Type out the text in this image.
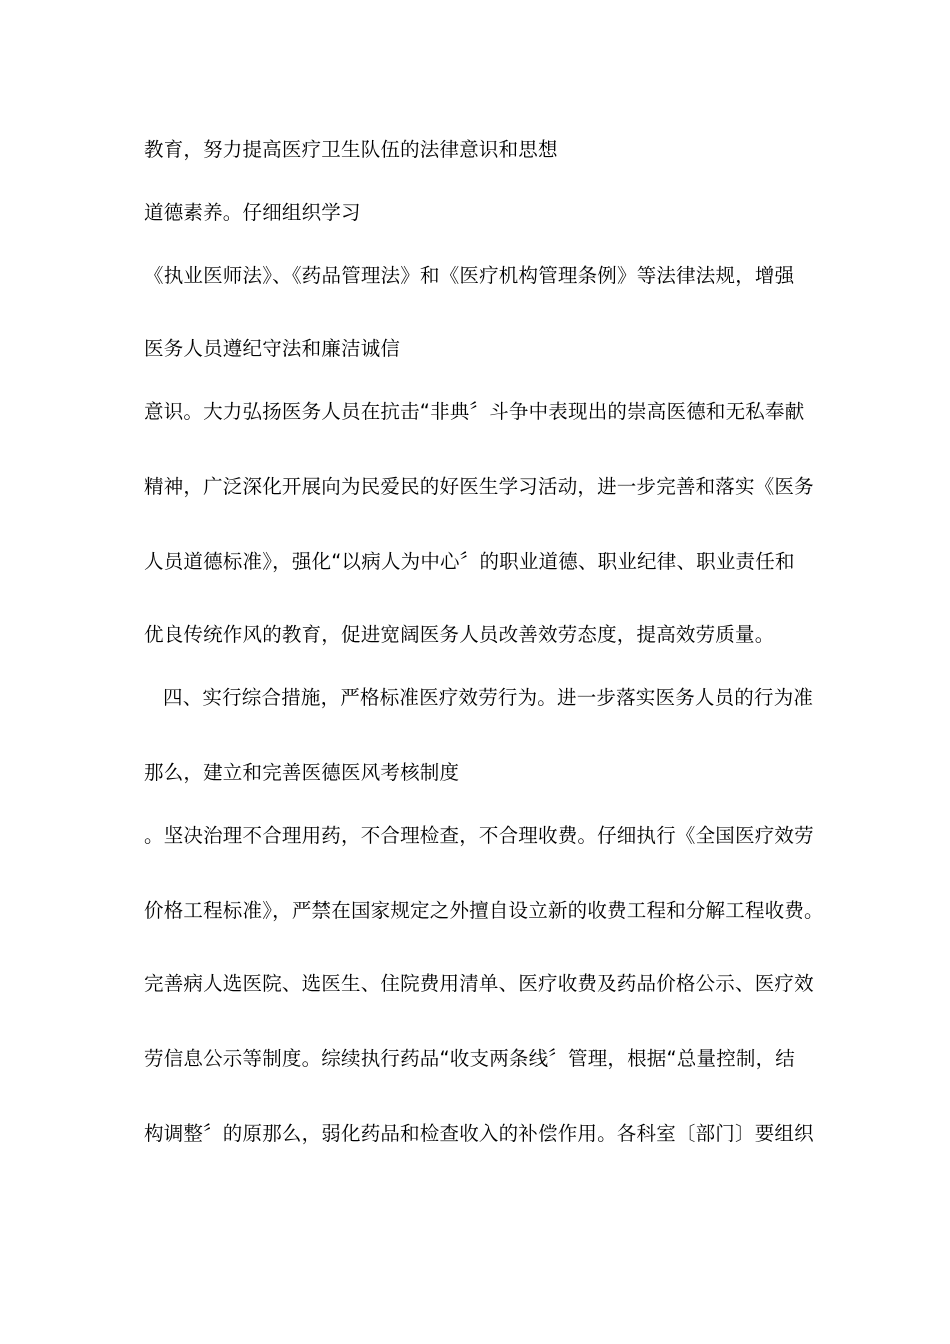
教育，努力提高医疗卫生队伍的法律意识和思想
道德素养。仔细组织学习
《执业医师法》、《药品管理法》和《医疗机构管理条例》等法律法规，增强
医务人员遵纪守法和廉洁诚信
意识。大力弘扬医务人员在抗击“非典〞斗争中表现出的崇高医德和无私奉献
精神，广泛深化开展向为民爱民的好医生学习活动，进一步完善和落实《医务
人员道德标准》，强化“以病人为中心〞的职业道德、职业纪律、职业责任和
优良传统作风的教育，促进宽阔医务人员改善效劳态度，提高效劳质量。
四、实行综合措施，严格标准医疗效劳行为。进一步落实医务人员的行为准
那么，建立和完善医德医风考核制度
。坚决治理不合理用药，不合理检查，不合理收费。仔细执行《全国医疗效劳
价格工程标准》，严禁在国家规定之外擅自设立新的收费工程和分解工程收费。
完善病人选医院、选医生、住院费用清单、医疗收费及药品价格公示、医疗效
劳信息公示等制度。综续执行药品“收支两条线〞管理，根据“总量控制，结
构调整〞的原那么，弱化药品和检查收入的补偿作用。各科室〔部门〕要组织
